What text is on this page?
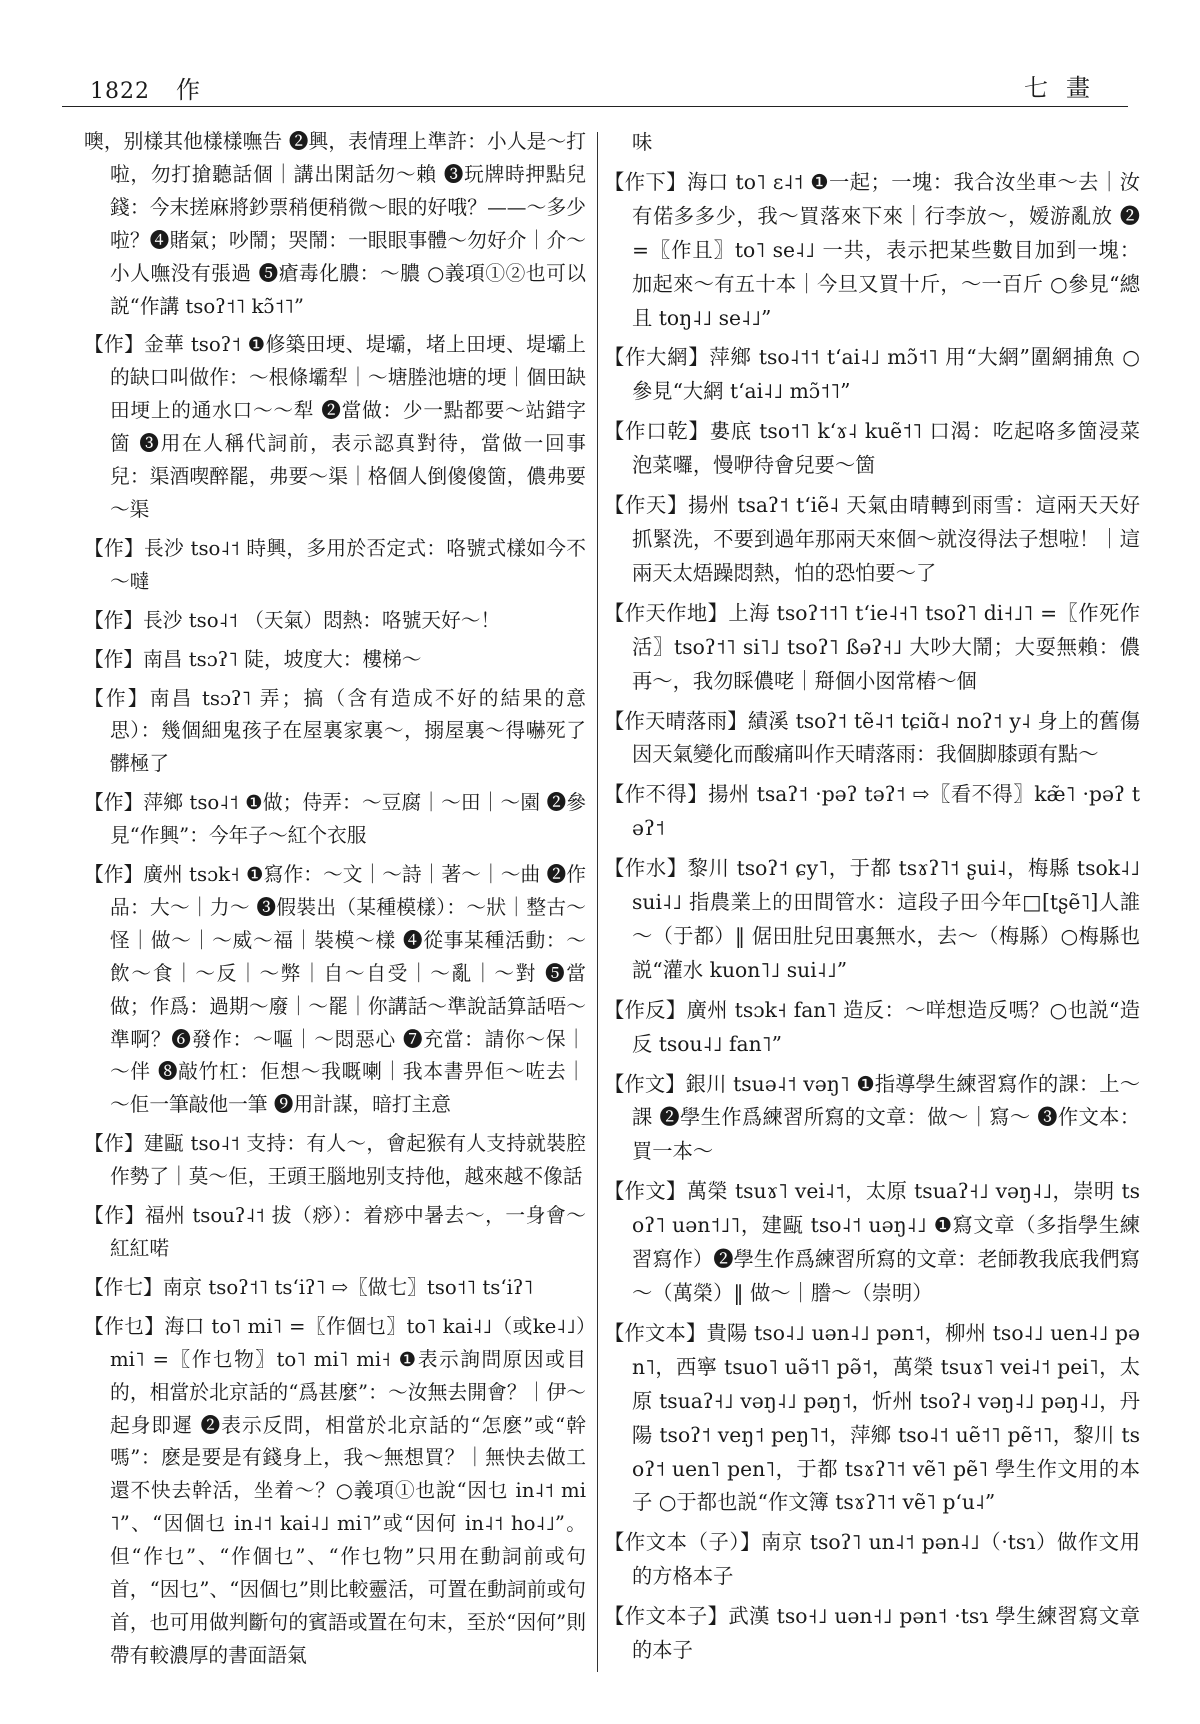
1822 作	七畫

噢，别樣其他樣樣嘸告 ❷興，表情理上準許：小人是～打啦，勿打搶聽話個｜講出閑話勿～賴 ❸玩牌時押點兒錢：今末搓麻將鈔票稍便稍微～眼的好哦？——～多少啦？❹賭氣；吵鬧；哭鬧：一眼眼事體～勿好介｜介～小人嘸没有張過 ❺瘡毒化膿：～膿 ○義項①②也可以説“作講 tsoʔ˦˥ kɔ̃˦˥”

【作】金華 tsoʔ˦ ❶修築田埂、堤壩，堵上田埂、堤壩上的缺口叫做作：～根條壩犁｜～塘塍池塘的埂｜個田缺田埂上的通水口～～犁 ❷當做：少一點都要～站錯字箇 ❸用在人稱代詞前，表示認真對待，當做一回事兒：渠酒喫醉罷，弗要～渠｜格個人倒傻傻箇，儂弗要～渠

【作】長沙 tso˨˦ 時興，多用於否定式：咯號式樣如今不～噠

【作】長沙 tso˨˦ （天氣）悶熱：咯號天好～！

【作】南昌 tsɔʔ˥ 陡，坡度大：樓梯～

【作】南昌 tsɔʔ˥ 弄；搞（含有造成不好的結果的意思）：幾個細鬼孩子在屋裏家裏～，搦屋裏～得嚇死了髒極了

【作】萍鄉 tso˨˦ ❶做；侍弄：～豆腐｜～田｜～園 ❷參見“作興”：今年子～紅个衣服

【作】廣州 tsɔk˧ ❶寫作：～文｜～詩｜著～｜～曲 ❷作品：大～｜力～ ❸假裝出（某種模樣）：～狀｜整古～怪｜做～｜～威～福｜裝模～樣 ❹從事某種活動：～飲～食｜～反｜～弊｜自～自受｜～亂｜～對 ❺當做；作爲：過期～廢｜～罷｜你講話～準說話算話唔～準啊？❻發作：～嘔｜～悶惡心 ❼充當：請你～保｜～伴 ❽敲竹杠：佢想～我嘅喇｜我本書畀佢～咗去｜～佢一筆敲他一筆 ❾用計謀，暗打主意

【作】建甌 tso˨˦ 支持：有人～，會起猴有人支持就裝腔作勢了｜莫～佢，王頭王腦地别支持他，越來越不像話

【作】福州 tsouʔ˨˦ 拔（痧）：着痧中暑去～，一身會～紅紅喏

【作七】南京 tsoʔ˦˥ tsʻiʔ˥ ⇨〖做七〗tso˦˥ tsʻiʔ˥

【作乜】海口 to˥ mi˥ =〖作個乜〗to˥ kai˨˩（或ke˨˩）mi˥ =〖作乜物〗to˥ mi˥ mi˧ ❶表示詢問原因或目的，相當於北京話的“爲甚麼”：～汝無去開會？｜伊～起身即遲 ❷表示反問，相當於北京話的“怎麽”或“幹嗎”：麽是要是有錢身上，我～無想買？｜無快去做工還不快去幹活，坐着～？○義項①也說“因乜 in˨˦ mi˥”、“因個乜 in˨˦ kai˨˩ mi˥”或“因何 in˨˦ ho˨˩”。但“作乜”、“作個乜”、“作乜物”只用在動詞前或句首，“因乜”、“因個乜”則比較靈活，可置在動詞前或句首，也可用做判斷句的賓語或置在句末，至於“因何”則帶有較濃厚的書面語氣

味

【作下】海口 to˥ ɛ˨˦ ❶一起；一塊：我合汝坐車～去｜汝有偌多多少，我～買落來下來｜行李放～，嫒游亂放 ❷=〖作且〗to˥ se˨˩ 一共，表示把某些數目加到一塊：加起來～有五十本｜今旦又買十斤，～一百斤 ○參見“總且 toŋ˨˩ se˨˩”

【作大網】萍鄉 tso˨˦˦ tʻai˨˩ mɔ̃˦˥ 用“大網”圍網捕魚 ○參見“大網 tʻai˨˩ mɔ̃˦˥”

【作口乾】婁底 tso˦˥ kʻɤ˨ kuẽ˦˥ 口渴：吃起咯多箇浸菜泡菜囉，慢咿待會兒要～箇

【作天】揚州 tsaʔ˦ tʻiẽ˨ 天氣由晴轉到雨雪：這兩天天好抓緊洗，不要到過年那兩天來個～就沒得法子想啦！｜這兩天太焐躁悶熱，怕的恐怕要～了

【作天作地】上海 tsoʔ˦˦˥ tʻie˨˧˥ tsoʔ˥ di˧˩˥ =〖作死作活〗tsoʔ˦˥ si˥˩ tsoʔ˥ ßəʔ˧˩ 大吵大鬧；大耍無賴：儂再～，我勿睬儂咾｜搿個小囡常樁～個

【作天晴落雨】績溪 tsoʔ˦ tẽ˨˦ tɕiɑ̃˨ noʔ˦ y˨ 身上的舊傷因天氣變化而酸痛叫作天晴落雨：我個脚膝頭有點～

【作不得】揚州 tsaʔ˦ ·pəʔ təʔ˦ ⇨〖看不得〗kæ̃˥ ·pəʔ təʔ˦

【作水】黎川 tsoʔ˦ ɕy˥，于都 tsɤʔ˥˦ ʂui˨，梅縣 tsok˨˩ sui˨˩ 指農業上的田間管水：這段子田今年□[tʂẽ˥]人誰～（于都）‖ 倨田肚兒田裏無水，去～（梅縣）○梅縣也説“灌水 kuon˥˩ sui˨˩”

【作反】廣州 tsɔk˧ fan˥ 造反：～咩想造反嗎？○也説“造反 tsou˨˩ fan˥”

【作文】銀川 tsuə˨˦ vəŋ˥ ❶指導學生練習寫作的課：上～課 ❷學生作爲練習所寫的文章：做～｜寫～ ❸作文本：買一本～

【作文】萬榮 tsuɤ˥ vei˨˦，太原 tsuaʔ˧˩ vəŋ˨˩，崇明 tsoʔ˥ uən˦˩˥，建甌 tso˨˦ uəŋ˨˩ ❶寫文章（多指學生練習寫作）❷學生作爲練習所寫的文章：老師教我底我們寫～（萬榮）‖ 做～｜謄～（崇明）

【作文本】貴陽 tso˨˩ uən˨˩ pən˦，柳州 tso˨˩ uen˨˩ pən˥，西寧 tsuo˥ uə̃˦˥ pə̃˦，萬榮 tsuɤ˥ vei˨˦ pei˥，太原 tsuaʔ˧˩ vəŋ˨˩ pəŋ˦，忻州 tsoʔ˨ vəŋ˨˩ pəŋ˨˩，丹陽 tsoʔ˦ veŋ˦ peŋ˥˦，萍鄉 tso˨˦ uẽ˦˥ pẽ˦˥，黎川 tsoʔ˦ uen˥ pen˥，于都 tsɤʔ˥˦ vẽ˥ pẽ˥ 學生作文用的本子 ○于都也説“作文簿 tsɤʔ˥˦ vẽ˥ pʻu˨”

【作文本（子）】南京 tsoʔ˥ un˨˦ pən˨˩（·tsɿ）做作文用的方格本子

【作文本子】武漢 tso˧˩ uən˧˩ pən˦ ·tsɿ 學生練習寫文章的本子
